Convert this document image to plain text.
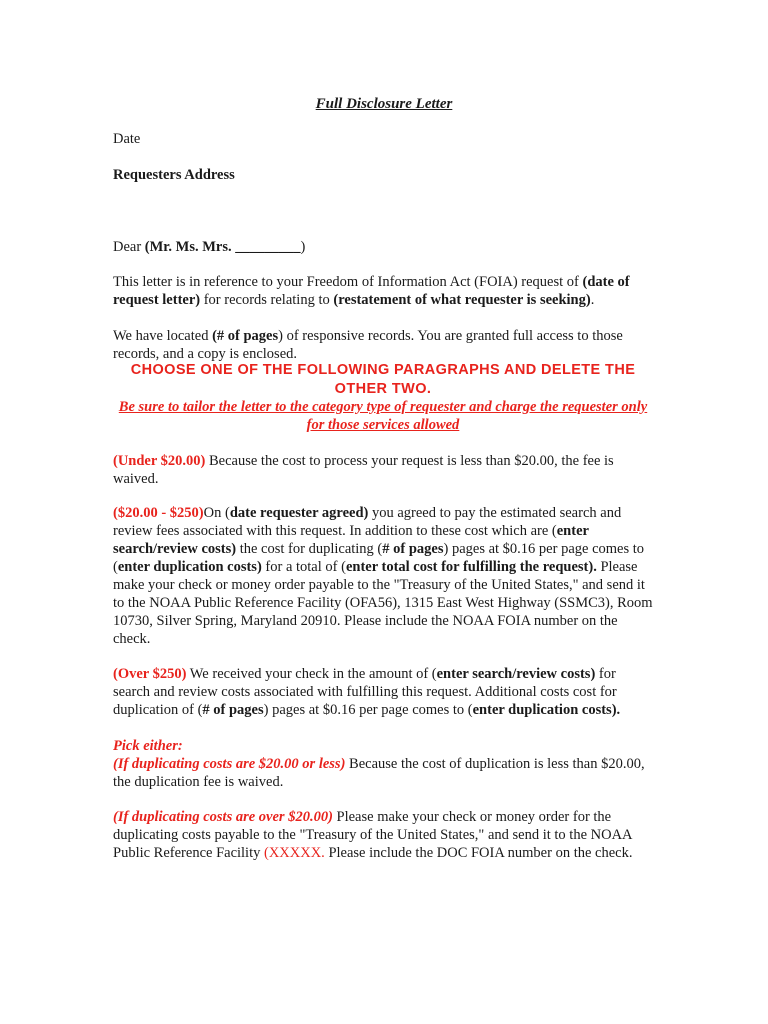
Full Disclosure Letter
Date
Requesters Address
Dear (Mr. Ms. Mrs. _________)
This letter is in reference to your Freedom of Information Act (FOIA) request of (date of request letter) for records relating to (restatement of what requester is seeking).
We have located (# of pages) of responsive records. You are granted full access to those records, and a copy is enclosed.
CHOOSE ONE OF THE FOLLOWING PARAGRAPHS AND DELETE THE OTHER TWO.
Be sure to tailor the letter to the category type of requester and charge the requester only for those services allowed
(Under $20.00) Because the cost to process your request is less than $20.00, the fee is waived.
($20.00 - $250)On (date requester agreed) you agreed to pay the estimated search and review fees associated with this request. In addition to these cost which are (enter search/review costs) the cost for duplicating (# of pages) pages at $0.16 per page comes to (enter duplication costs) for a total of (enter total cost for fulfilling the request). Please make your check or money order payable to the "Treasury of the United States," and send it to the NOAA Public Reference Facility (OFA56), 1315 East West Highway (SSMC3), Room 10730, Silver Spring, Maryland 20910. Please include the NOAA FOIA number on the check.
(Over $250) We received your check in the amount of (enter search/review costs) for search and review costs associated with fulfilling this request. Additional costs cost for duplication of (# of pages) pages at $0.16 per page comes to (enter duplication costs).
Pick either:
(If duplicating costs are $20.00 or less) Because the cost of duplication is less than $20.00, the duplication fee is waived.
(If duplicating costs are over $20.00) Please make your check or money order for the duplicating costs payable to the "Treasury of the United States," and send it to the NOAA Public Reference Facility (XXXXX. Please include the DOC FOIA number on the check.
